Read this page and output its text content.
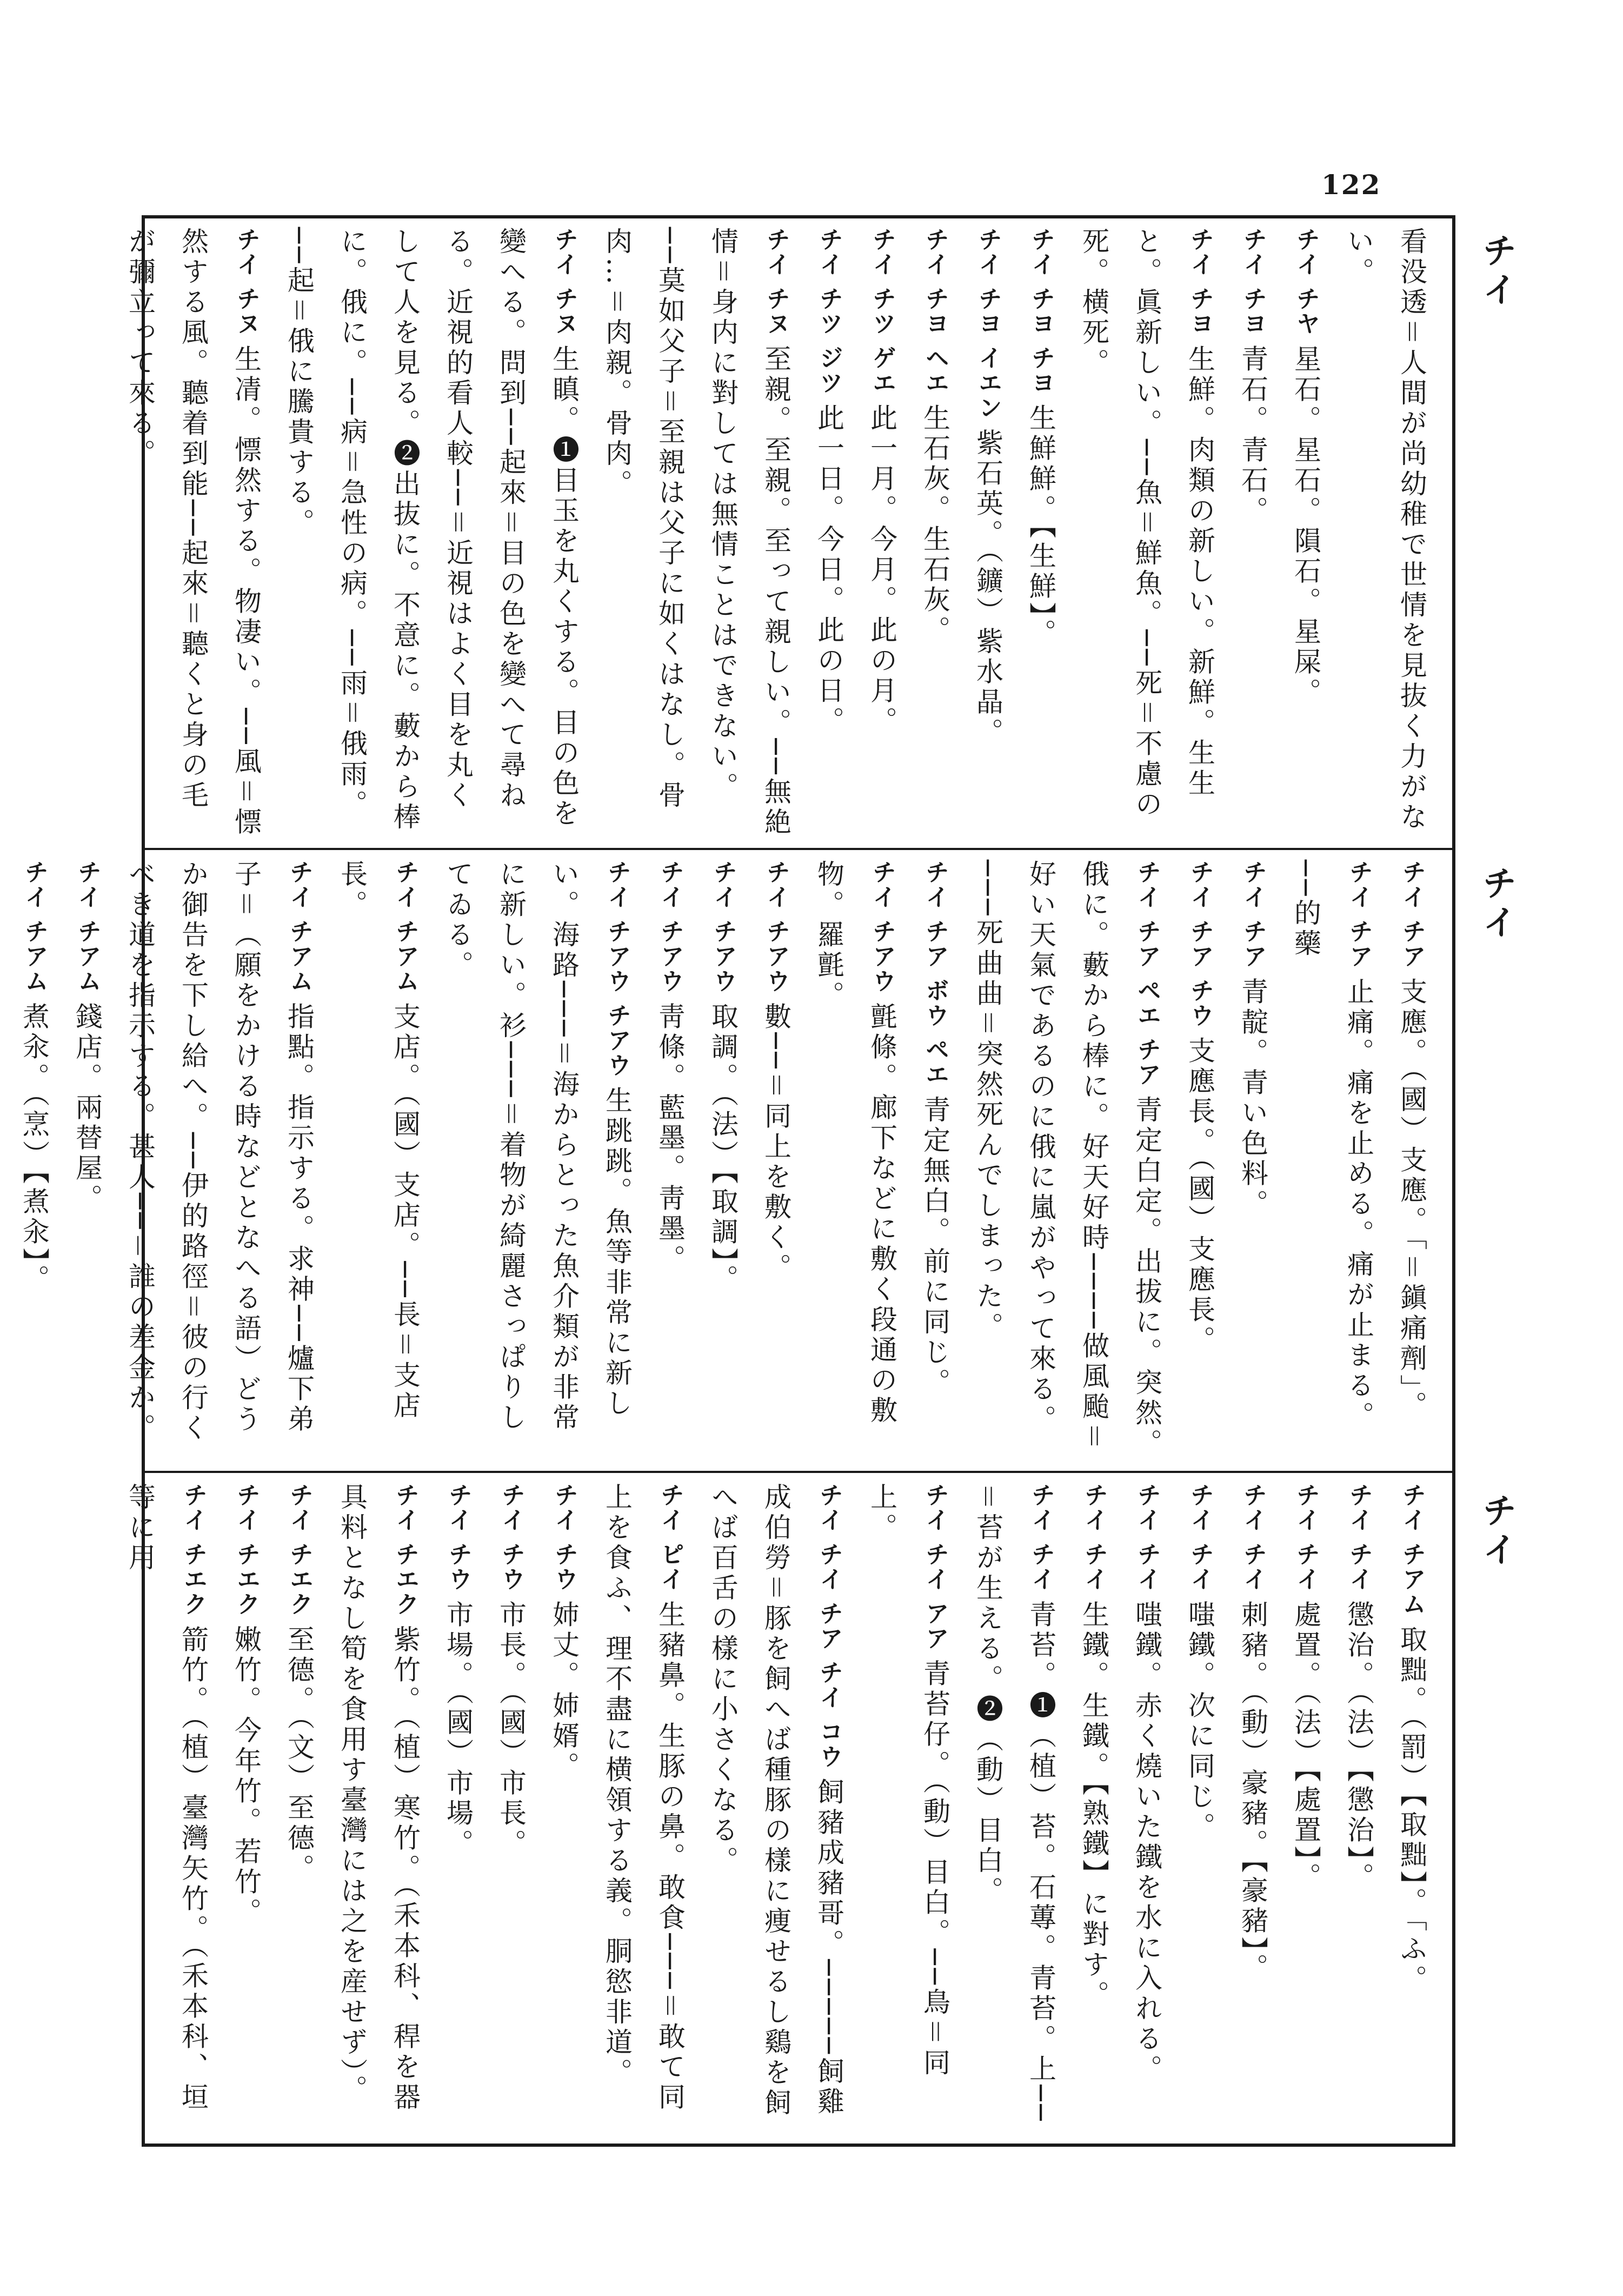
122
チイ
チイ
チイ
看没透＝人間が尚幼稚で世情を見抜く力がない。
チイ チヤ星石。星石。隕石。星屎。
チイ チヨ青石。青石。
チイ チヨ生鮮。肉類の新しい。新鮮。生生と。眞新しい。──魚＝鮮魚。──死＝不慮の死。横死。
チイ チヨ チヨ生鮮鮮。【生鮮】。
チイ チヨ イエン紫石英。（鑛）紫水晶。
チイ チヨ ヘエ生石灰。生石灰。
チイ チツ ゲエ此一月。今月。此の月。
チイ チツ ジツ此一日。今日。此の日。
チイ チヌ至親。至親。至って親しい。──無絶情＝身内に對しては無情ことはできない。──莫如父子＝至親は父子に如くはなし。骨肉…＝肉親。骨肉。
チイ チヌ生瞋。❶目玉を丸くする。目の色を變へる。問到──起來＝目の色を變へて尋ねる。近視的看人較──＝近視はよく目を丸くして人を見る。❷出抜に。不意に。藪から棒に。俄に。──病＝急性の病。──雨＝俄雨。──起＝俄に騰貴する。
チイ チヌ生凊。慓然する。物凄い。──風＝慓然する風。聽着到能──起來＝聽くと身の毛が彌立って來る。
チイ チア支應。（國）支應。「＝鎭痛劑」。
チイ チア止痛。痛を止める。痛が止まる。──的藥
チイ チア青靛。青い色料。
チイ チア チウ支應長。（國）支應長。
チイ チア ペエ チア青定白定。出拔に。突然。俄に。藪から棒に。好天好時────做風颱＝好い天氣であるのに俄に嵐がやって來る。───死曲曲＝突然死んでしまった。
チイ チア ボウ ペエ青定無白。前に同じ。
チイ チアウ氈條。廊下などに敷く段通の敷物。羅氈。
チイ チアウ數──＝同上を敷く。
チイ チアウ取調。（法）【取調】。
チイ チアウ靑條。藍墨。靑墨。
チイ チアウ チアウ生跳跳。魚等非常に新しい。海路───＝海からとった魚介類が非常に新しい。衫───＝着物が綺麗さっぱりしてゐる。
チイ チアム支店。（國）支店。──長＝支店長。
チイ チアム指點。指示する。求神──爐下弟子＝（願をかける時などとなへる語）どうか御告を下し給へ。──伊的路徑＝彼の行くべき道を指示する。甚人──＝誰の差金か。
チイ チアム錢店。兩替屋。
チイ チアム煮汆。（烹）【煮汆】。
チイ チアム取黜。（罰）【取黜】。「ふ。
チイ チイ懲治。（法）【懲治】。
チイ チイ處置。（法）【處置】。
チイ チイ刺豬。（動）豪豬。【豪豬】。
チイ チイ嗤鐵。次に同じ。
チイ チイ嗤鐵。赤く燒いた鐵を水に入れる。
チイ チイ生鐵。生鐵。【熟鐵】に對す。
チイ チイ青苔。❶（植）苔。石蓴。青苔。上──＝苔が生える。❷（動）目白。
チイ チイ アア青苔仔。（動）目白。──鳥＝同上。
チイ チイ チア チイ コウ飼豬成豬哥。─────飼雞成伯勞＝豚を飼へば種豚の樣に痩せるし鷄を飼へば百舌の樣に小さくなる。
チイ ピイ生豬鼻。生豚の鼻。敢食───＝敢て同上を食ふ、理不盡に横領する義。胴慾非道。
チイ チウ姉丈。姉婿。
チイ チウ市長。（國）市長。
チイ チウ市場。（國）市場。
チイ チエク紫竹。（植）寒竹。（禾本科、稈を器具料となし筍を食用す臺灣には之を産せず）。
チイ チエク至德。（文）至德。
チイ チエク嫩竹。今年竹。若竹。
チイ チエク箭竹。（植）臺灣矢竹。（禾本科、垣等に用
